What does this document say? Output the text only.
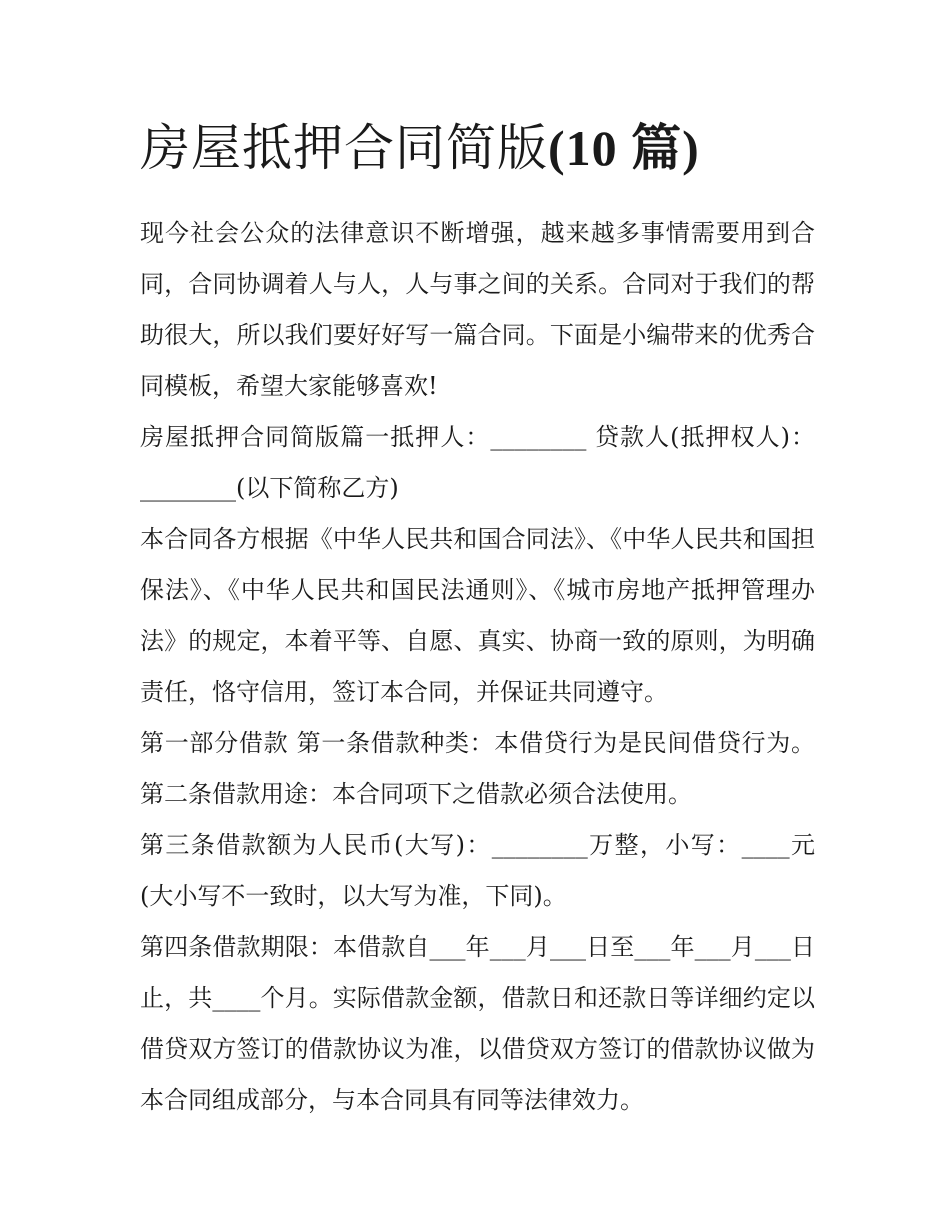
房屋抵押合同简版(10 篇)

现今社会公众的法律意识不断增强，越来越多事情需要用到合同，合同协调着人与人，人与事之间的关系。合同对于我们的帮助很大，所以我们要好好写一篇合同。下面是小编带来的优秀合同模板，希望大家能够喜欢!

房屋抵押合同简版篇一抵押人：________ 贷款人(抵押权人)：________(以下简称乙方)

本合同各方根据《中华人民共和国合同法》、《中华人民共和国担保法》、《中华人民共和国民法通则》、《城市房地产抵押管理办法》的规定，本着平等、自愿、真实、协商一致的原则，为明确责任，恪守信用，签订本合同，并保证共同遵守。

第一部分借款 第一条借款种类：本借贷行为是民间借贷行为。 第二条借款用途：本合同项下之借款必须合法使用。

第三条借款额为人民币(大写)：________万整，小写：____元(大小写不一致时，以大写为准，下同)。

第四条借款期限：本借款自___年___月___日至___年___月___日止，共____个月。实际借款金额，借款日和还款日等详细约定以借贷双方签订的借款协议为准，以借贷双方签订的借款协议做为本合同组成部分，与本合同具有同等法律效力。
